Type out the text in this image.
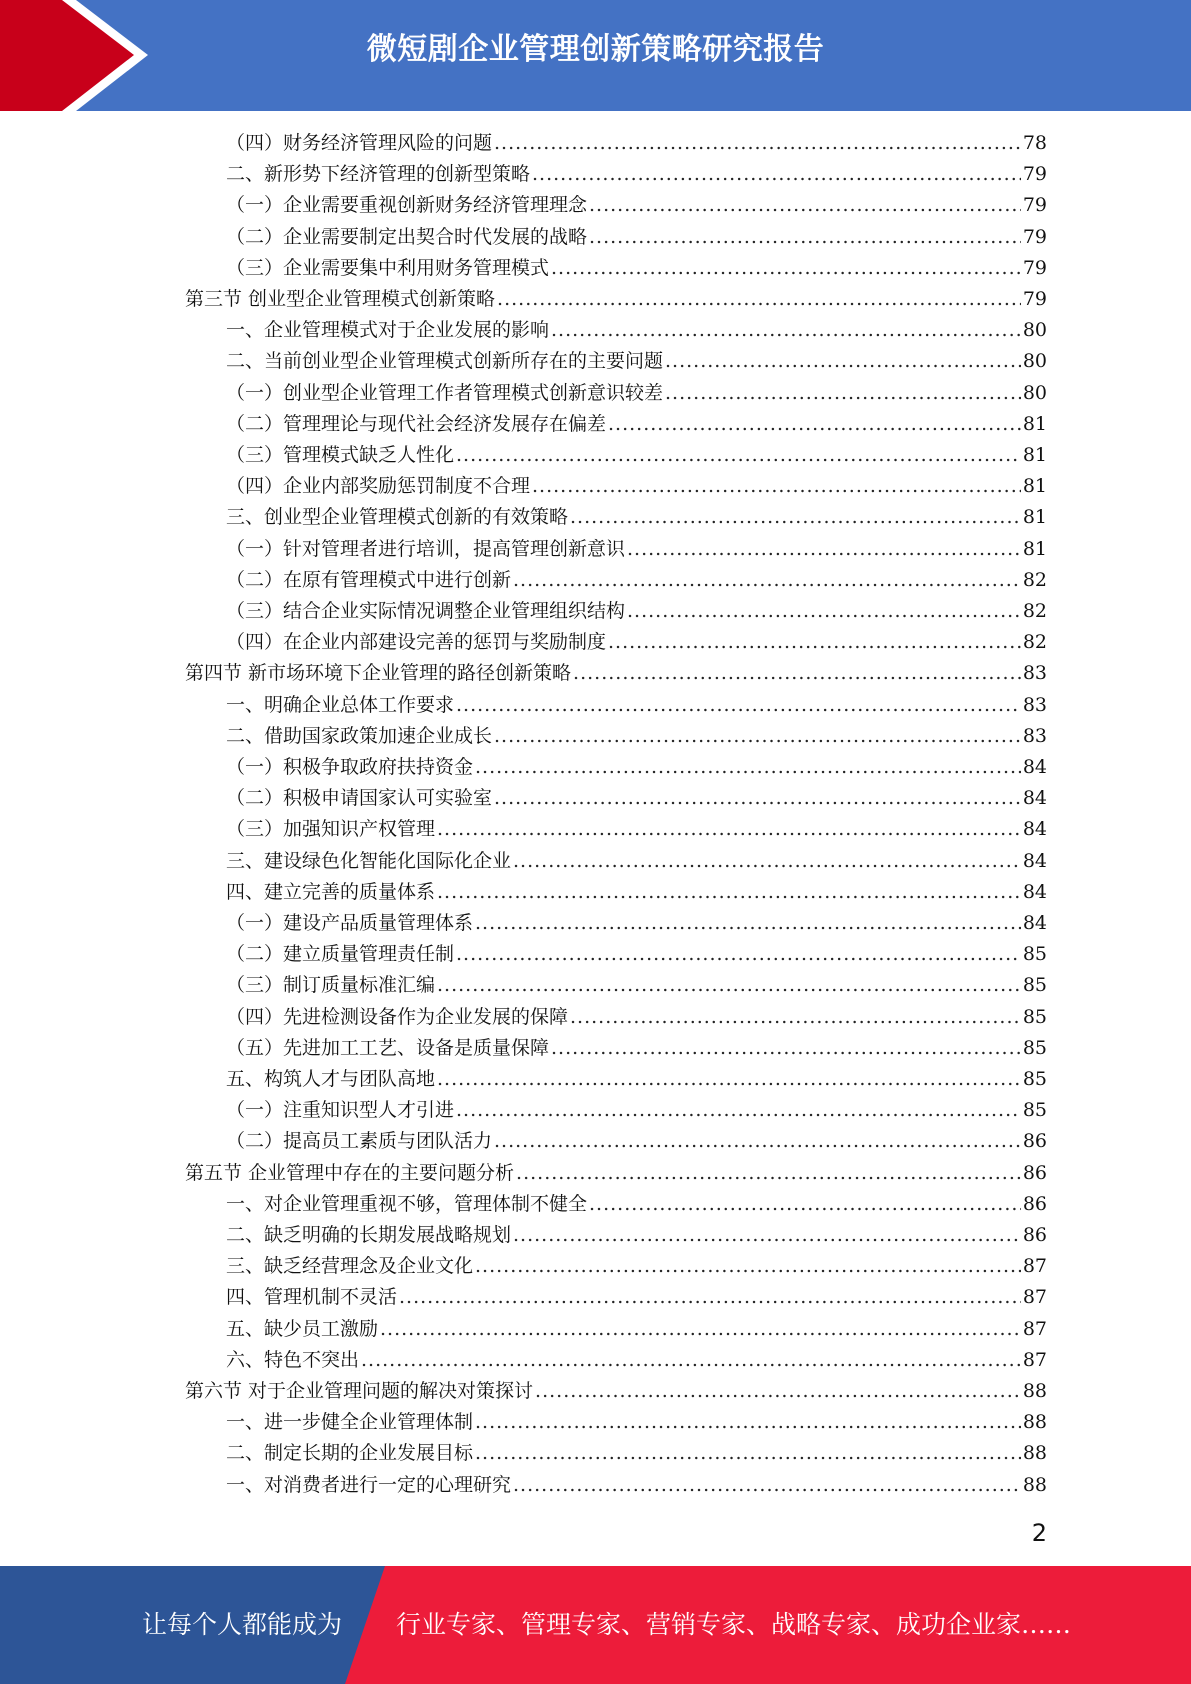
微短剧企业管理创新策略研究报告
（四）财务经济管理风险的问题 .....	78
二、新形势下经济管理的创新型策略 .....	79
（一）企业需要重视创新财务经济管理理念 .....	79
（二）企业需要制定出契合时代发展的战略 .....	79
（三）企业需要集中利用财务管理模式 .....	79
第三节 创业型企业管理模式创新策略 .....	79
一、企业管理模式对于企业发展的影响 .....	80
二、当前创业型企业管理模式创新所存在的主要问题 .....	80
（一）创业型企业管理工作者管理模式创新意识较差 .....	80
（二）管理理论与现代社会经济发展存在偏差 .....	81
（三）管理模式缺乏人性化 .....	81
（四）企业内部奖励惩罚制度不合理 .....	81
三、创业型企业管理模式创新的有效策略 .....	81
（一）针对管理者进行培训，提高管理创新意识 .....	81
（二）在原有管理模式中进行创新 .....	82
（三）结合企业实际情况调整企业管理组织结构 .....	82
（四）在企业内部建设完善的惩罚与奖励制度 .....	82
第四节 新市场环境下企业管理的路径创新策略 .....	83
一、明确企业总体工作要求 .....	83
二、借助国家政策加速企业成长 .....	83
（一）积极争取政府扶持资金 .....	84
（二）积极申请国家认可实验室 .....	84
（三）加强知识产权管理 .....	84
三、建设绿色化智能化国际化企业 .....	84
四、建立完善的质量体系 .....	84
（一）建设产品质量管理体系 .....	84
（二）建立质量管理责任制 .....	85
（三）制订质量标准汇编 .....	85
（四）先进检测设备作为企业发展的保障 .....	85
（五）先进加工工艺、设备是质量保障 .....	85
五、构筑人才与团队高地 .....	85
（一）注重知识型人才引进 .....	85
（二）提高员工素质与团队活力 .....	86
第五节 企业管理中存在的主要问题分析 .....	86
一、对企业管理重视不够，管理体制不健全 .....	86
二、缺乏明确的长期发展战略规划 .....	86
三、缺乏经营理念及企业文化 .....	87
四、管理机制不灵活 .....	87
五、缺少员工激励 .....	87
六、特色不突出 .....	87
第六节 对于企业管理问题的解决对策探讨 .....	88
一、进一步健全企业管理体制 .....	88
二、制定长期的企业发展目标 .....	88
一、对消费者进行一定的心理研究 .....	88
2
让每个人都能成为 行业专家、管理专家、营销专家、战略专家、成功企业家……
